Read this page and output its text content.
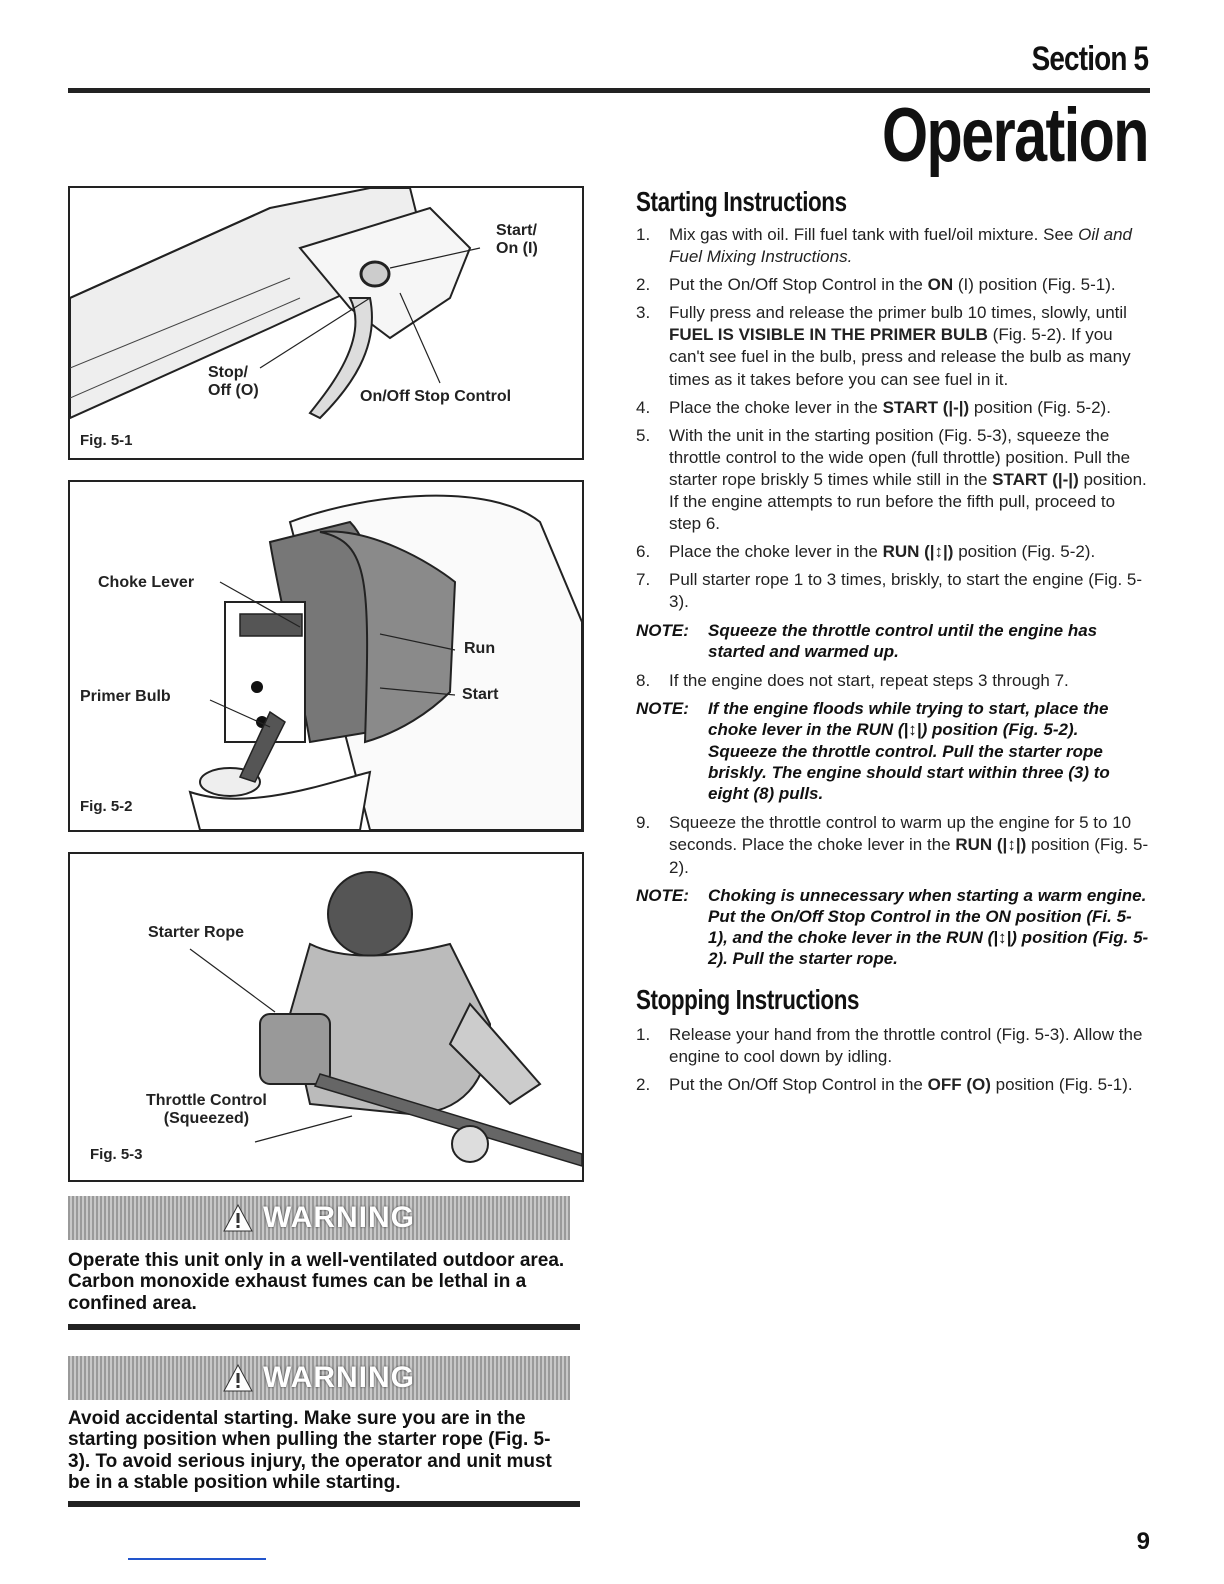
Section 5
Operation
Start/
On (I)
Stop/
Off (O)	On/Off Stop Control
Fig. 5-1
Choke Lever
Primer Bulb
Run
Start
Fig. 5-2
Starter Rope
Throttle Control
(Squeezed)
Fig. 5-3
WARNING
Operate this unit only in a well-ventilated outdoor area. Carbon monoxide exhaust fumes can be lethal in a confined area.
WARNING
Avoid accidental starting. Make sure you are in the starting position when pulling the starter rope (Fig. 5-3). To avoid serious injury, the operator and unit must be in a stable position while starting.
Starting Instructions
1. Mix gas with oil. Fill fuel tank with fuel/oil mixture. See Oil and Fuel Mixing Instructions.
2. Put the On/Off Stop Control in the ON (I) position (Fig. 5-1).
3. Fully press and release the primer bulb 10 times, slowly, until FUEL IS VISIBLE IN THE PRIMER BULB (Fig. 5-2). If you can't see fuel in the bulb, press and release the bulb as many times as it takes before you can see fuel in it.
4. Place the choke lever in the START (|-|) position (Fig. 5-2).
5. With the unit in the starting position (Fig. 5-3), squeeze the throttle control to the wide open (full throttle) position. Pull the starter rope briskly 5 times while still in the START (|-|) position. If the engine attempts to run before the fifth pull, proceed to step 6.
6. Place the choke lever in the RUN (|↕|) position (Fig. 5-2).
7. Pull starter rope 1 to 3 times, briskly, to start the engine (Fig. 5-3).
NOTE: Squeeze the throttle control until the engine has started and warmed up.
8. If the engine does not start, repeat steps 3 through 7.
NOTE: If the engine floods while trying to start, place the choke lever in the RUN (|↕|) position (Fig. 5-2). Squeeze the throttle control. Pull the starter rope briskly. The engine should start within three (3) to eight (8) pulls.
9. Squeeze the throttle control to warm up the engine for 5 to 10 seconds. Place the choke lever in the RUN (|↕|) position (Fig. 5-2).
NOTE: Choking is unnecessary when starting a warm engine. Put the On/Off Stop Control in the ON position (Fi. 5-1), and the choke lever in the RUN (|↕|) position (Fig. 5-2). Pull the starter rope.
Stopping Instructions
1. Release your hand from the throttle control (Fig. 5-3). Allow the engine to cool down by idling.
2. Put the On/Off Stop Control in the OFF (O) position (Fig. 5-1).
9
